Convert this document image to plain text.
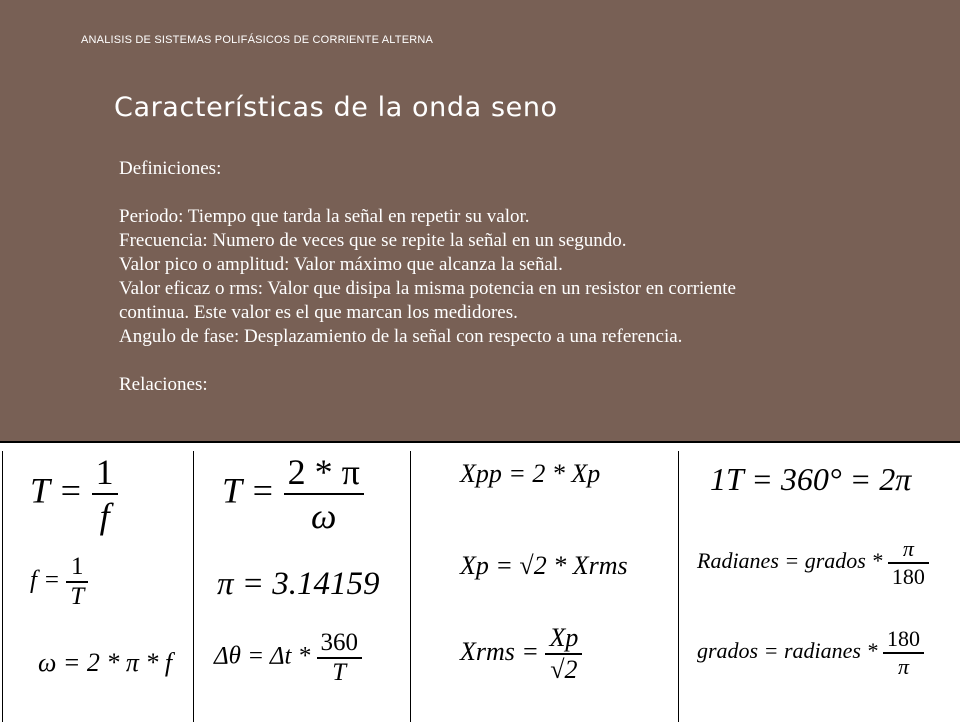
ANALISIS DE SISTEMAS POLIFÁSICOS DE CORRIENTE ALTERNA
Características de la onda seno
Definiciones:
Periodo: Tiempo que tarda la señal en repetir su valor.
Frecuencia: Numero de veces que se repite la señal en un segundo.
Valor pico o amplitud: Valor máximo que alcanza la señal.
Valor eficaz o rms: Valor que disipa la misma potencia en un resistor en corriente
continua. Este valor es el que marcan los medidores.
Angulo de fase: Desplazamiento de la señal con respecto a una referencia.
Relaciones:
$T = \frac{1}{f}$
$f = \frac{1}{T}$
ω = 2 * π * f
$T = \frac{2 * \pi}{\omega}$
π = 3.14159
$\Delta\theta = \Delta t * \frac{360}{T}$
Xpp = 2 * Xp
Xp = √2 * Xrms
Xrms = $\frac{Xp}{√2}$
1T = 360° = 2π
Radianes = grados * $\frac{\pi}{180}$
grados = radianes * $\frac{180}{\pi}$
